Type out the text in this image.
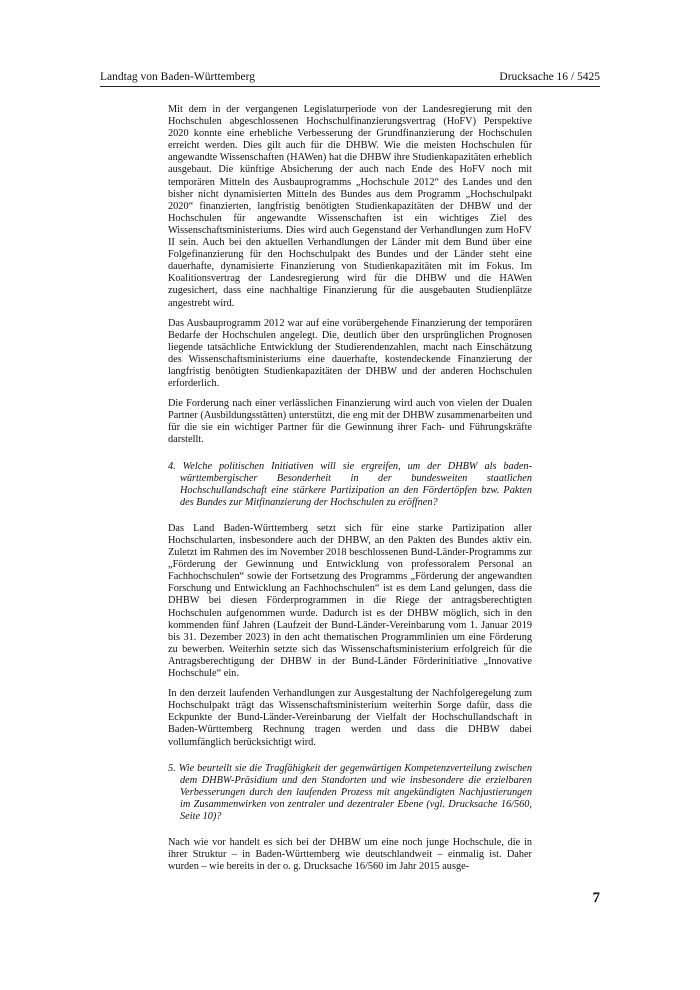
Landtag von Baden-Württemberg	Drucksache 16 / 5425

Mit dem in der vergangenen Legislaturperiode von der Landesregierung mit den Hochschulen abgeschlossenen Hochschulfinanzierungsvertrag (HoFV) Perspektive 2020 konnte eine erhebliche Verbesserung der Grundfinanzierung der Hochschulen erreicht werden. Dies gilt auch für die DHBW. Wie die meisten Hochschulen für angewandte Wissenschaften (HAWen) hat die DHBW ihre Studienkapazitäten erheblich ausgebaut. Die künftige Absicherung der auch nach Ende des HoFV noch mit temporären Mitteln des Ausbauprogramms „Hochschule 2012“ des Landes und den bisher nicht dynamisierten Mitteln des Bundes aus dem Programm „Hochschulpakt 2020“ finanzierten, langfristig benötigten Studienkapazitäten der DHBW und der Hochschulen für angewandte Wissenschaften ist ein wichtiges Ziel des Wissenschaftsministeriums. Dies wird auch Gegenstand der Verhandlungen zum HoFV II sein. Auch bei den aktuellen Verhandlungen der Länder mit dem Bund über eine Folgefinanzierung für den Hochschulpakt des Bundes und der Länder steht eine dauerhafte, dynamisierte Finanzierung von Studienkapazitäten mit im Fokus. Im Koalitionsvertrag der Landesregierung wird für die DHBW und die HAWen zugesichert, dass eine nachhaltige Finanzierung für die ausgebauten Studienplätze angestrebt wird.

Das Ausbauprogramm 2012 war auf eine vorübergehende Finanzierung der temporären Bedarfe der Hochschulen angelegt. Die, deutlich über den ursprünglichen Prognosen liegende tatsächliche Entwicklung der Studierendenzahlen, macht nach Einschätzung des Wissenschaftsministeriums eine dauerhafte, kostendeckende Finanzierung der langfristig benötigten Studienkapazitäten der DHBW und der anderen Hochschulen erforderlich.

Die Forderung nach einer verlässlichen Finanzierung wird auch von vielen der Dualen Partner (Ausbildungsstätten) unterstützt, die eng mit der DHBW zusammenarbeiten und für die sie ein wichtiger Partner für die Gewinnung ihrer Fach- und Führungskräfte darstellt.

4. Welche politischen Initiativen will sie ergreifen, um der DHBW als baden-württembergischer Besonderheit in der bundesweiten staatlichen Hochschullandschaft eine stärkere Partizipation an den Fördertöpfen bzw. Pakten des Bundes zur Mitfinanzierung der Hochschulen zu eröffnen?

Das Land Baden-Württemberg setzt sich für eine starke Partizipation aller Hochschularten, insbesondere auch der DHBW, an den Pakten des Bundes aktiv ein. Zuletzt im Rahmen des im November 2018 beschlossenen Bund-Länder-Programms zur „Förderung der Gewinnung und Entwicklung von professoralem Personal an Fachhochschulen“ sowie der Fortsetzung des Programms „Förderung der angewandten Forschung und Entwicklung an Fachhochschulen“ ist es dem Land gelungen, dass die DHBW bei diesen Förderprogrammen in die Riege der antragsberechtigten Hochschulen aufgenommen wurde. Dadurch ist es der DHBW möglich, sich in den kommenden fünf Jahren (Laufzeit der Bund-Länder-Vereinbarung vom 1. Januar 2019 bis 31. Dezember 2023) in den acht thematischen Programmlinien um eine Förderung zu bewerben. Weiterhin setzte sich das Wissenschaftsministerium erfolgreich für die Antragsberechtigung der DHBW in der Bund-Länder Förderinitiative „Innovative Hochschule“ ein.

In den derzeit laufenden Verhandlungen zur Ausgestaltung der Nachfolgeregelung zum Hochschulpakt trägt das Wissenschaftsministerium weiterhin Sorge dafür, dass die Eckpunkte der Bund-Länder-Vereinbarung der Vielfalt der Hochschullandschaft in Baden-Württemberg Rechnung tragen werden und dass die DHBW dabei vollumfänglich berücksichtigt wird.

5. Wie beurteilt sie die Tragfähigkeit der gegenwärtigen Kompetenzverteilung zwischen dem DHBW-Präsidium und den Standorten und wie insbesondere die erzielbaren Verbesserungen durch den laufenden Prozess mit angekündigten Nachjustierungen im Zusammenwirken von zentraler und dezentraler Ebene (vgl. Drucksache 16/560, Seite 10)?

Nach wie vor handelt es sich bei der DHBW um eine noch junge Hochschule, die in ihrer Struktur – in Baden-Württemberg wie deutschlandweit – einmalig ist. Daher wurden – wie bereits in der o. g. Drucksache 16/560 im Jahr 2015 ausge-

7
